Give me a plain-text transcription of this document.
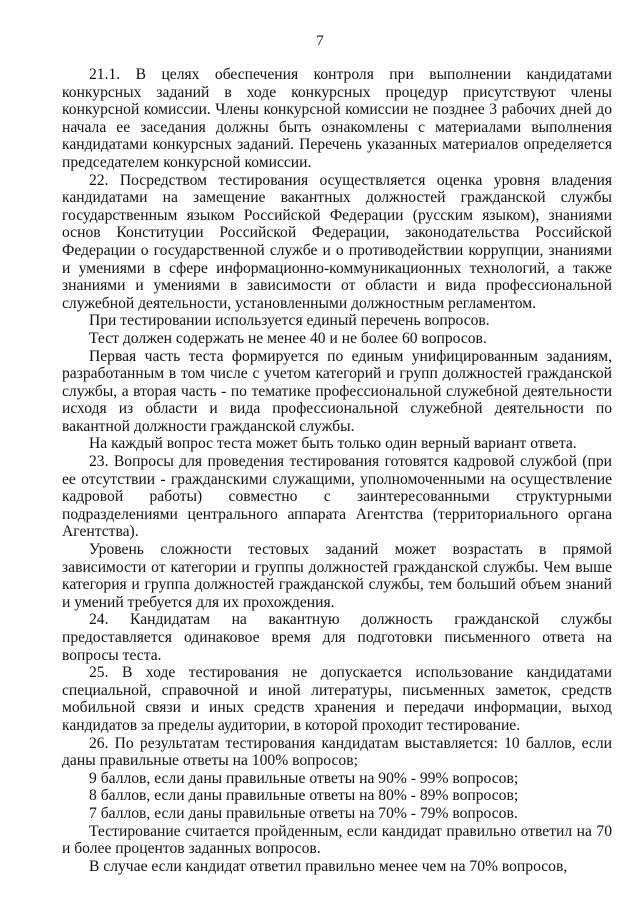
7

21.1. В целях обеспечения контроля при выполнении кандидатами конкурсных заданий в ходе конкурсных процедур присутствуют члены конкурсной комиссии. Члены конкурсной комиссии не позднее 3 рабочих дней до начала ее заседания должны быть ознакомлены с материалами выполнения кандидатами конкурсных заданий. Перечень указанных материалов определяется председателем конкурсной комиссии.

22. Посредством тестирования осуществляется оценка уровня владения кандидатами на замещение вакантных должностей гражданской службы государственным языком Российской Федерации (русским языком), знаниями основ Конституции Российской Федерации, законодательства Российской Федерации о государственной службе и о противодействии коррупции, знаниями и умениями в сфере информационно-коммуникационных технологий, а также знаниями и умениями в зависимости от области и вида профессиональной служебной деятельности, установленными должностным регламентом.

При тестировании используется единый перечень вопросов.

Тест должен содержать не менее 40 и не более 60 вопросов.

Первая часть теста формируется по единым унифицированным заданиям, разработанным в том числе с учетом категорий и групп должностей гражданской службы, а вторая часть - по тематике профессиональной служебной деятельности исходя из области и вида профессиональной служебной деятельности по вакантной должности гражданской службы.

На каждый вопрос теста может быть только один верный вариант ответа.

23. Вопросы для проведения тестирования готовятся кадровой службой (при ее отсутствии - гражданскими служащими, уполномоченными на осуществление кадровой работы) совместно с заинтересованными структурными подразделениями центрального аппарата Агентства (территориального органа Агентства).

Уровень сложности тестовых заданий может возрастать в прямой зависимости от категории и группы должностей гражданской службы. Чем выше категория и группа должностей гражданской службы, тем больший объем знаний и умений требуется для их прохождения.

24. Кандидатам на вакантную должность гражданской службы предоставляется одинаковое время для подготовки письменного ответа на вопросы теста.

25. В ходе тестирования не допускается использование кандидатами специальной, справочной и иной литературы, письменных заметок, средств мобильной связи и иных средств хранения и передачи информации, выход кандидатов за пределы аудитории, в которой проходит тестирование.

26. По результатам тестирования кандидатам выставляется: 10 баллов, если даны правильные ответы на 100% вопросов;

9 баллов, если даны правильные ответы на 90% - 99% вопросов;

8 баллов, если даны правильные ответы на 80% - 89% вопросов;

7 баллов, если даны правильные ответы на 70% - 79% вопросов.

Тестирование считается пройденным, если кандидат правильно ответил на 70 и более процентов заданных вопросов.

В случае если кандидат ответил правильно менее чем на 70% вопросов,
